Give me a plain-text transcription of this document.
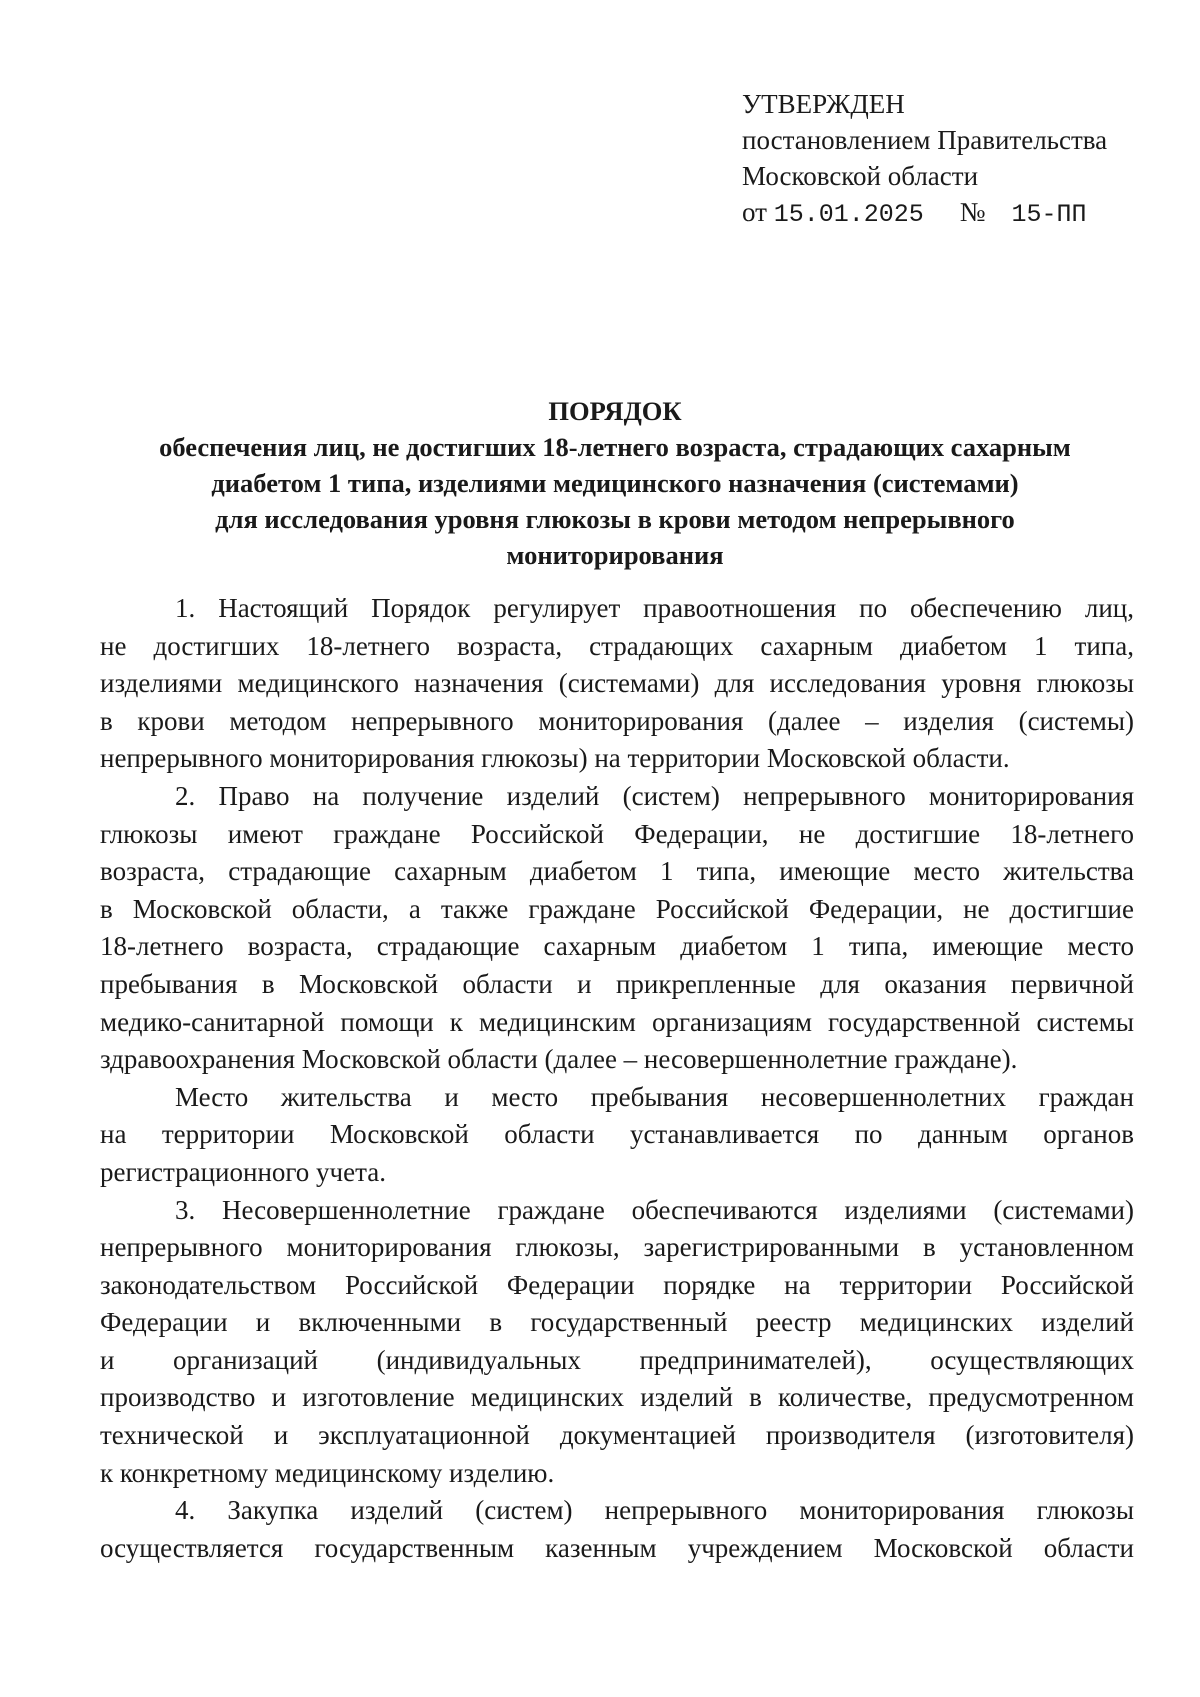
УТВЕРЖДЕН
постановлением Правительства
Московской области
от 15.01.2025 № 15-ПП
ПОРЯДОК
обеспечения лиц, не достигших 18-летнего возраста, страдающих сахарным
диабетом 1 типа, изделиями медицинского назначения (системами)
для исследования уровня глюкозы в крови методом непрерывного
мониторирования
1. Настоящий Порядок регулирует правоотношения по обеспечению лиц,
не достигших 18-летнего возраста, страдающих сахарным диабетом 1 типа,
изделиями медицинского назначения (системами) для исследования уровня глюкозы
в крови методом непрерывного мониторирования (далее – изделия (системы)
непрерывного мониторирования глюкозы) на территории Московской области.
2. Право на получение изделий (систем) непрерывного мониторирования
глюкозы имеют граждане Российской Федерации, не достигшие 18-летнего
возраста, страдающие сахарным диабетом 1 типа, имеющие место жительства
в Московской области, а также граждане Российской Федерации, не достигшие
18-летнего возраста, страдающие сахарным диабетом 1 типа, имеющие место
пребывания в Московской области и прикрепленные для оказания первичной
медико-санитарной помощи к медицинским организациям государственной системы
здравоохранения Московской области (далее – несовершеннолетние граждане).
Место жительства и место пребывания несовершеннолетних граждан
на территории Московской области устанавливается по данным органов
регистрационного учета.
3. Несовершеннолетние граждане обеспечиваются изделиями (системами)
непрерывного мониторирования глюкозы, зарегистрированными в установленном
законодательством Российской Федерации порядке на территории Российской
Федерации и включенными в государственный реестр медицинских изделий
и организаций (индивидуальных предпринимателей), осуществляющих
производство и изготовление медицинских изделий в количестве, предусмотренном
технической и эксплуатационной документацией производителя (изготовителя)
к конкретному медицинскому изделию.
4. Закупка изделий (систем) непрерывного мониторирования глюкозы
осуществляется государственным казенным учреждением Московской области
